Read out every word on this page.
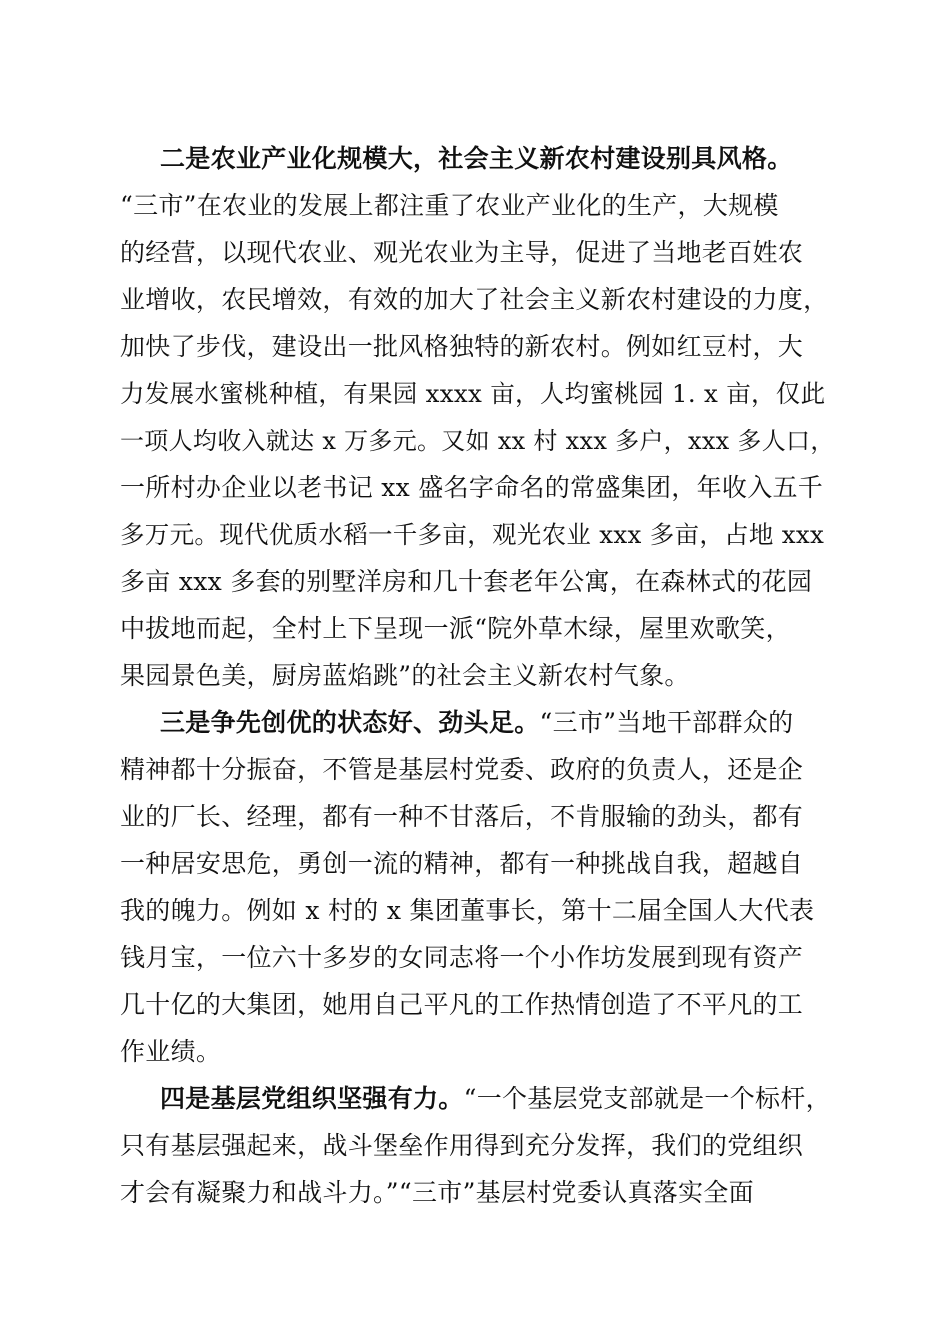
二是农业产业化规模大，社会主义新农村建设别具风格。
“三市”在农业的发展上都注重了农业产业化的生产，大规模
的经营，以现代农业、观光农业为主导，促进了当地老百姓农
业增收，农民增效，有效的加大了社会主义新农村建设的力度，
加快了步伐，建设出一批风格独特的新农村。例如红豆村，大
力发展水蜜桃种植，有果园 xxxx 亩，人均蜜桃园 1. x 亩，仅此
一项人均收入就达 x 万多元。又如 xx 村 xxx 多户，xxx 多人口，
一所村办企业以老书记 xx 盛名字命名的常盛集团，年收入五千
多万元。现代优质水稻一千多亩，观光农业 xxx 多亩，占地 xxx
多亩 xxx 多套的别墅洋房和几十套老年公寓，在森林式的花园
中拔地而起，全村上下呈现一派“院外草木绿，屋里欢歌笑，
果园景色美，厨房蓝焰跳”的社会主义新农村气象。
三是争先创优的状态好、劲头足。“三市”当地干部群众的
精神都十分振奋，不管是基层村党委、政府的负责人，还是企
业的厂长、经理，都有一种不甘落后，不肯服输的劲头，都有
一种居安思危，勇创一流的精神，都有一种挑战自我，超越自
我的魄力。例如 x 村的 x 集团董事长，第十二届全国人大代表
钱月宝，一位六十多岁的女同志将一个小作坊发展到现有资产
几十亿的大集团，她用自己平凡的工作热情创造了不平凡的工
作业绩。
四是基层党组织坚强有力。“一个基层党支部就是一个标杆，
只有基层强起来，战斗堡垒作用得到充分发挥，我们的党组织
才会有凝聚力和战斗力。”“三市”基层村党委认真落实全面
